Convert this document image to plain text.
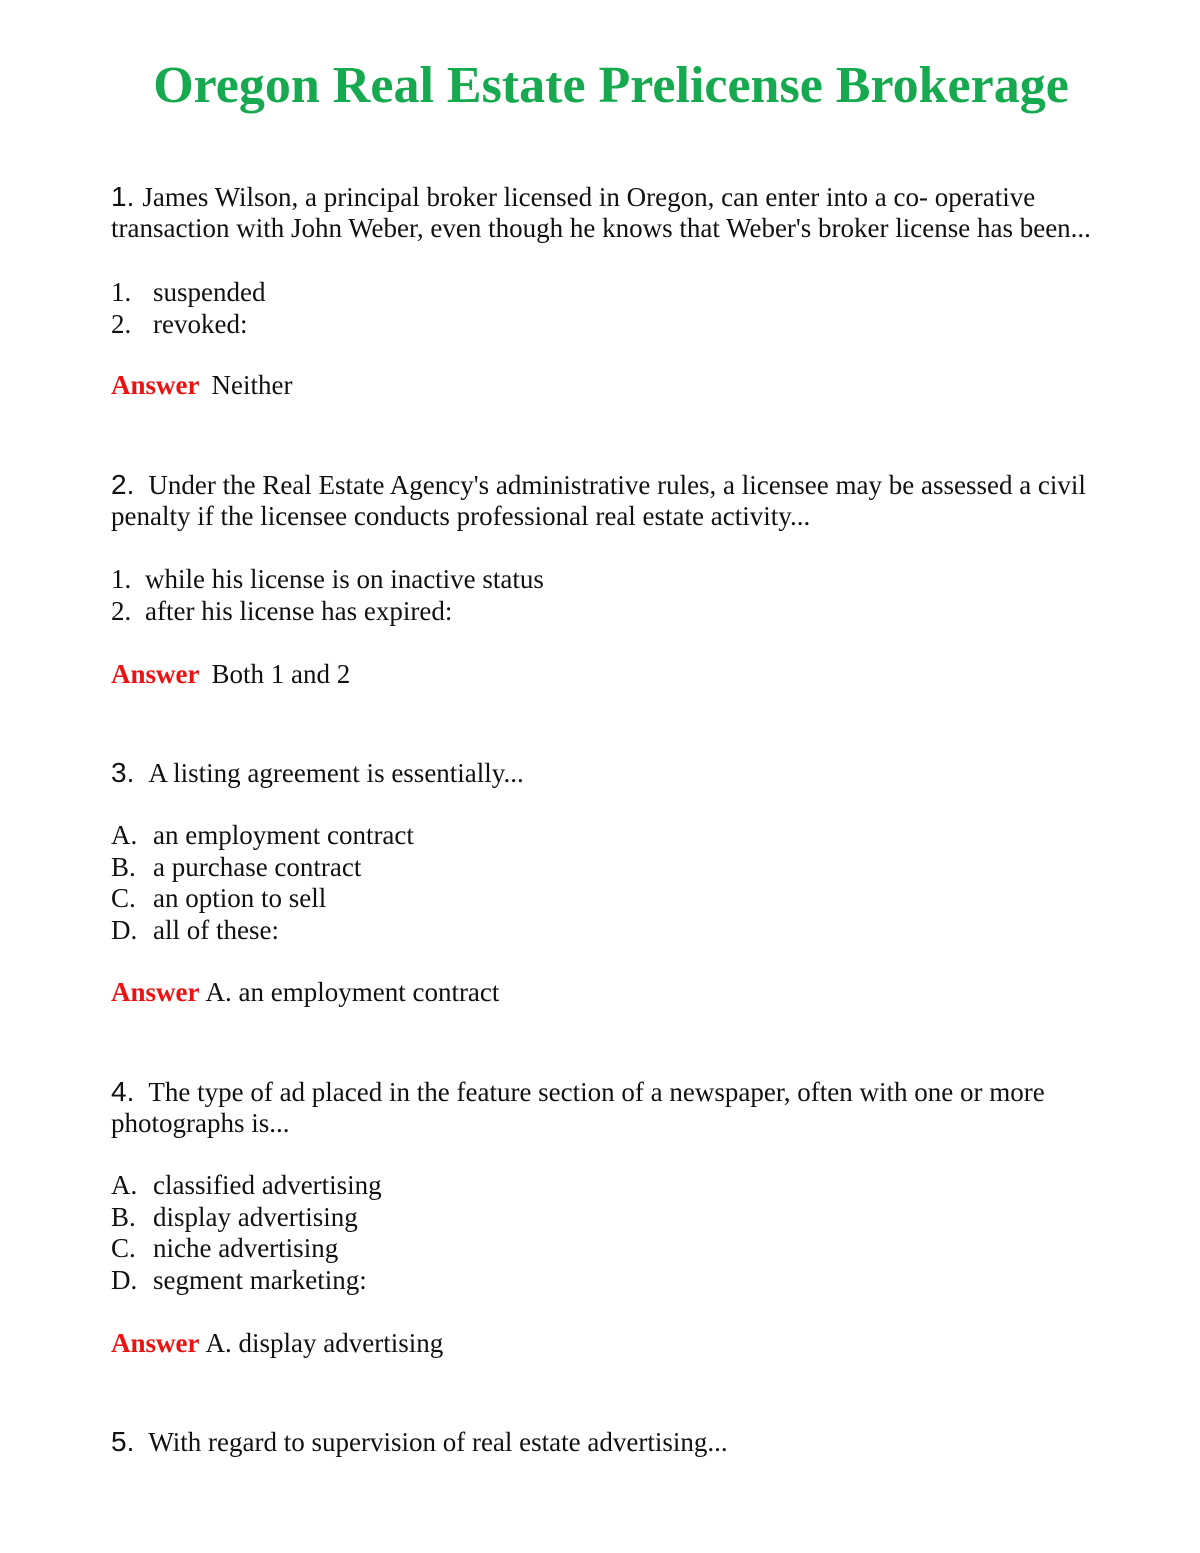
Oregon Real Estate Prelicense Brokerage

1. James Wilson, a principal broker licensed in Oregon, can enter into a co- operative transaction with John Weber, even though he knows that Weber's broker license has been...

1. suspended
2. revoked:

Answer Neither

2. Under the Real Estate Agency's administrative rules, a licensee may be assessed a civil penalty if the licensee conducts professional real estate activity...

1. while his license is on inactive status
2. after his license has expired:

Answer Both 1 and 2

3. A listing agreement is essentially...

A. an employment contract
B. a purchase contract
C. an option to sell
D. all of these:

Answer A. an employment contract

4. The type of ad placed in the feature section of a newspaper, often with one or more photographs is...

A. classified advertising
B. display advertising
C. niche advertising
D. segment marketing:

Answer A. display advertising

5. With regard to supervision of real estate advertising...
